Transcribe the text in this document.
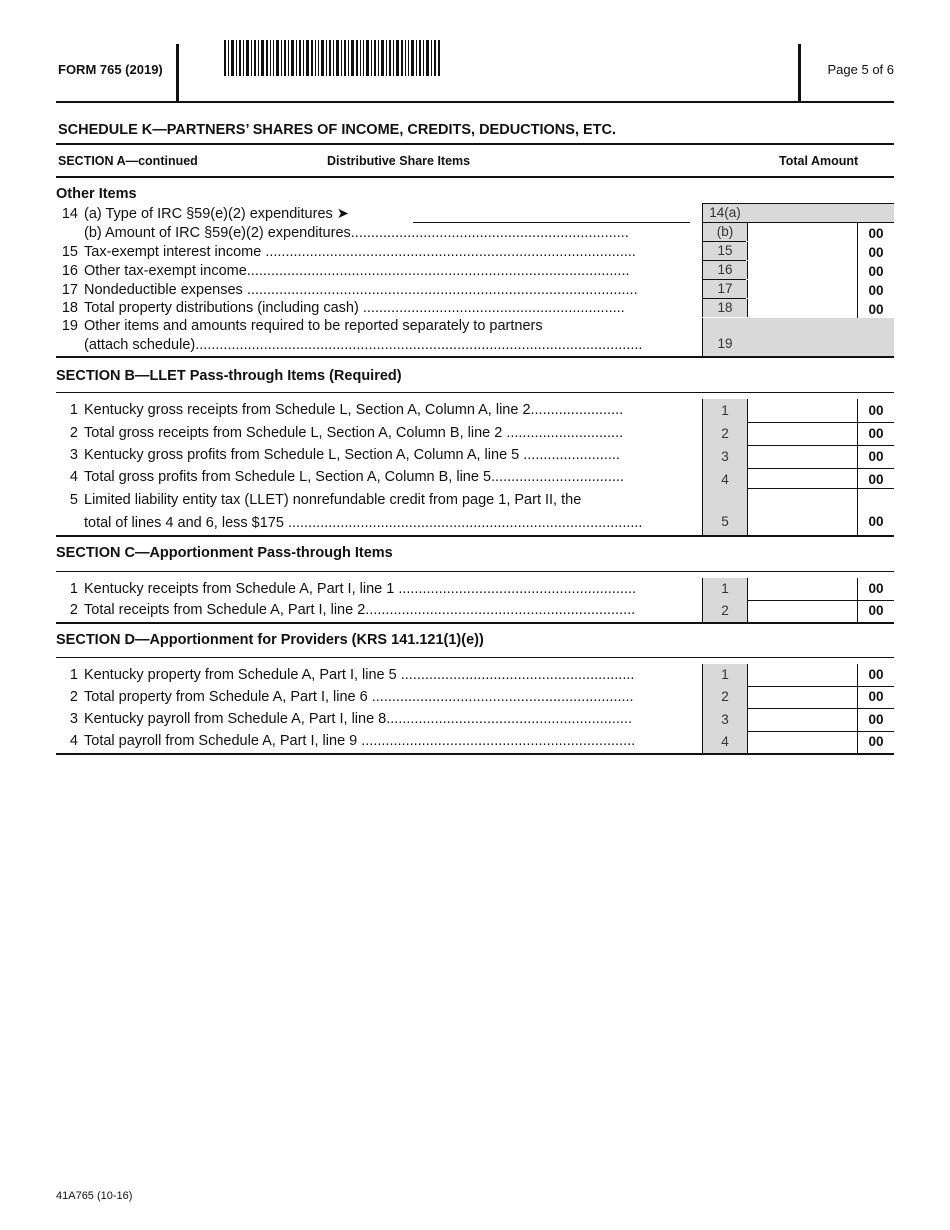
FORM 765 (2019)	Page 5 of 6
SCHEDULE K—PARTNERS’ SHARES OF INCOME, CREDITS, DEDUCTIONS, ETC.
SECTION A—continued	Distributive Share Items	Total Amount
Other Items
14 (a) Type of IRC §59(e)(2) expenditures ➤	14(a)
(b) Amount of IRC §59(e)(2) expenditures.....................................................................	(b)	00
15 Tax-exempt interest income ............................................................................................	15	00
16 Other tax-exempt income...............................................................................................	16	00
17 Nondeductible expenses .................................................................................................	17	00
18 Total property distributions (including cash) .................................................................	18	00
19 Other items and amounts required to be reported separately to partners
(attach schedule)...............................................................................................................	19
SECTION B—LLET Pass-through Items (Required)
1 Kentucky gross receipts from Schedule L, Section A, Column A, line 2.......................	1	00
2 Total gross receipts from Schedule L, Section A, Column B, line 2 .............................	2	00
3 Kentucky gross profits from Schedule L, Section A, Column A, line 5 ........................	3	00
4 Total gross profits from Schedule L, Section A, Column B, line 5.................................	4	00
5 Limited liability entity tax (LLET) nonrefundable credit from page 1, Part II, the
total of lines 4 and 6, less $175 ........................................................................................	5	00
SECTION C—Apportionment Pass-through Items
1 Kentucky receipts from Schedule A, Part I, line 1 ...........................................................	1	00
2 Total receipts from Schedule A, Part I, line 2...................................................................	2	00
SECTION D—Apportionment for Providers (KRS 141.121(1)(e))
1 Kentucky property from Schedule A, Part I, line 5 ..........................................................	1	00
2 Total property from Schedule A, Part I, line 6 .................................................................	2	00
3 Kentucky payroll from Schedule A, Part I, line 8.............................................................	3	00
4 Total payroll from Schedule A, Part I, line 9 ....................................................................	4	00
41A765 (10-16)
